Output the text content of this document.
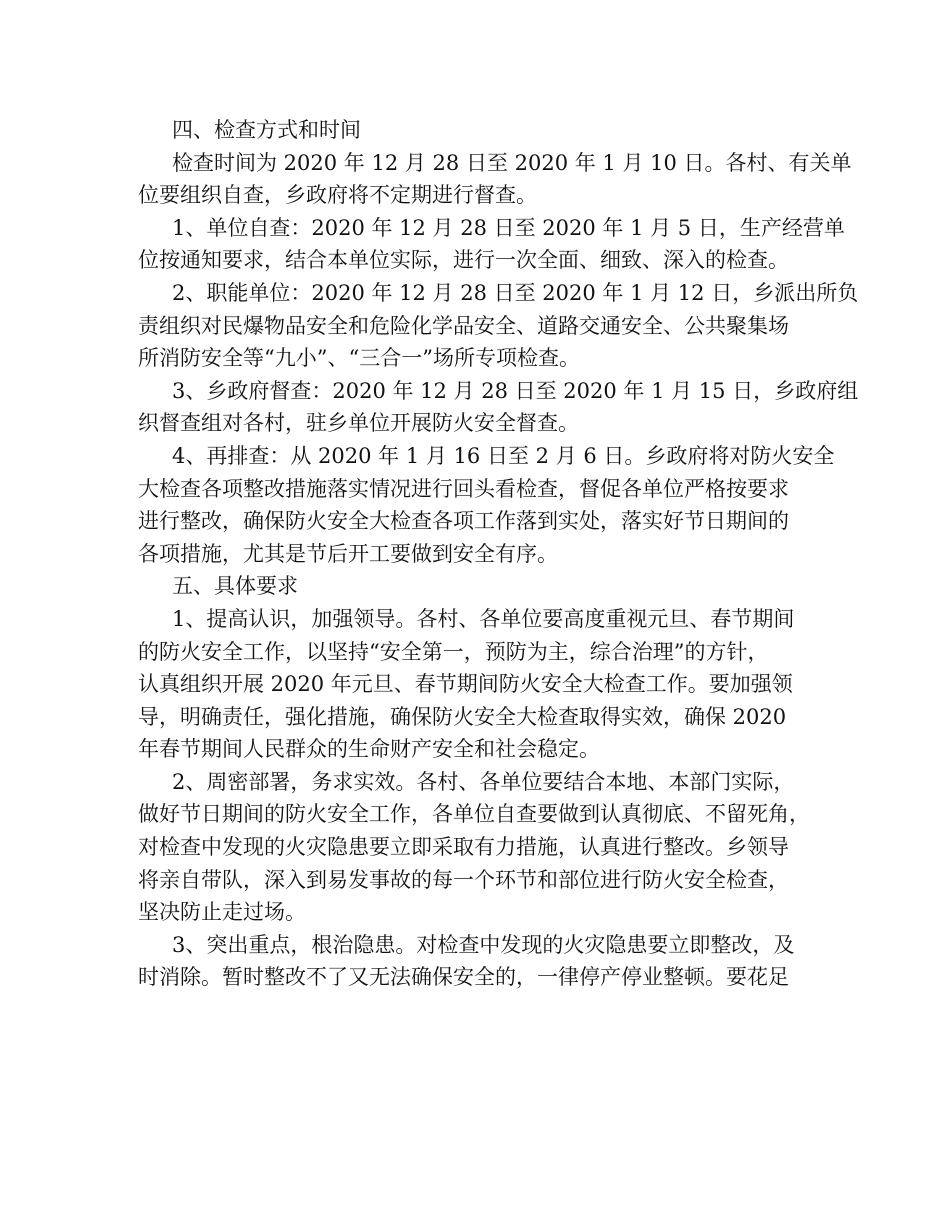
四、检查方式和时间
检查时间为 2020 年 12 月 28 日至 2020 年 1 月 10 日。各村、有关单
位要组织自查，乡政府将不定期进行督查。
1、单位自查：2020 年 12 月 28 日至 2020 年 1 月 5 日，生产经营单
位按通知要求，结合本单位实际，进行一次全面、细致、深入的检查。
2、职能单位：2020 年 12 月 28 日至 2020 年 1 月 12 日，乡派出所负
责组织对民爆物品安全和危险化学品安全、道路交通安全、公共聚集场
所消防安全等“九小”、“三合一”场所专项检查。
3、乡政府督查：2020 年 12 月 28 日至 2020 年 1 月 15 日，乡政府组
织督查组对各村，驻乡单位开展防火安全督查。
4、再排查：从 2020 年 1 月 16 日至 2 月 6 日。乡政府将对防火安全
大检查各项整改措施落实情况进行回头看检查，督促各单位严格按要求
进行整改，确保防火安全大检查各项工作落到实处，落实好节日期间的
各项措施，尤其是节后开工要做到安全有序。
五、具体要求
1、提高认识，加强领导。各村、各单位要高度重视元旦、春节期间
的防火安全工作，以坚持“安全第一，预防为主，综合治理”的方针，
认真组织开展 2020 年元旦、春节期间防火安全大检查工作。要加强领
导，明确责任，强化措施，确保防火安全大检查取得实效，确保 2020
年春节期间人民群众的生命财产安全和社会稳定。
2、周密部署，务求实效。各村、各单位要结合本地、本部门实际，
做好节日期间的防火安全工作，各单位自查要做到认真彻底、不留死角，
对检查中发现的火灾隐患要立即采取有力措施，认真进行整改。乡领导
将亲自带队，深入到易发事故的每一个环节和部位进行防火安全检查，
坚决防止走过场。
3、突出重点，根治隐患。对检查中发现的火灾隐患要立即整改，及
时消除。暂时整改不了又无法确保安全的，一律停产停业整顿。要花足
